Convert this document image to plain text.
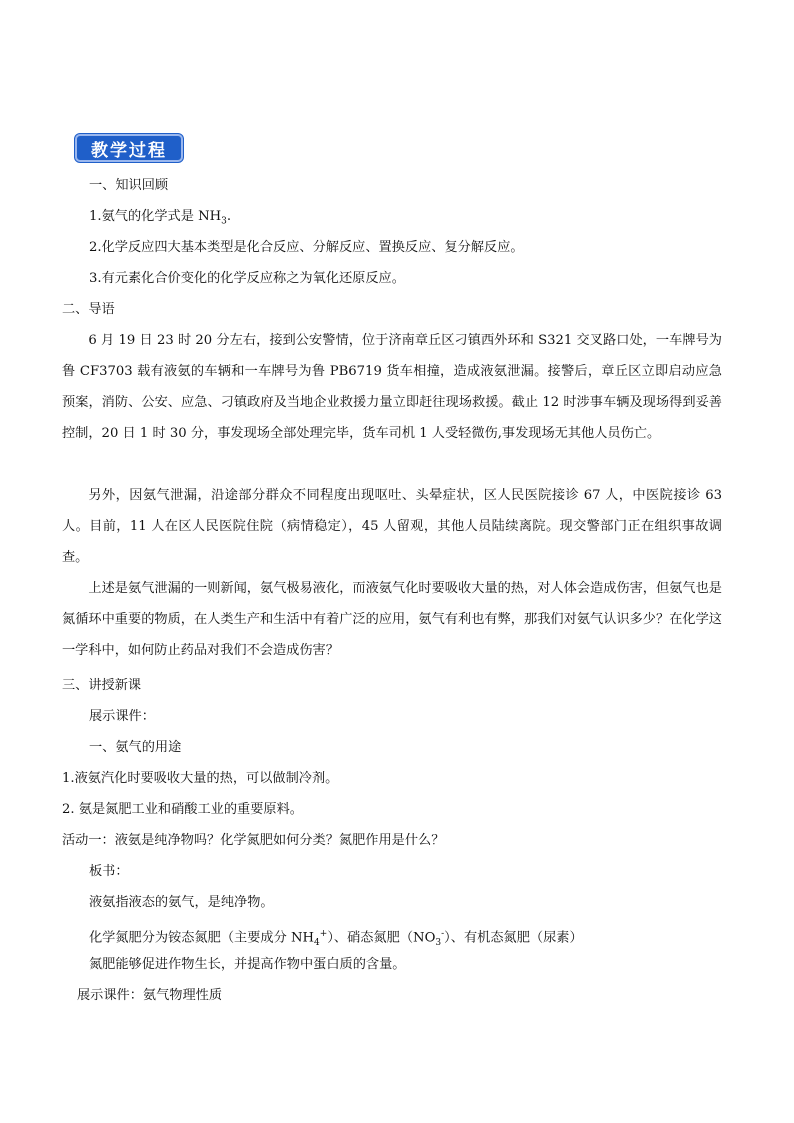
教学过程
一、知识回顾
1.氨气的化学式是 $NH_3$.
2.化学反应四大基本类型是化合反应、分解反应、置换反应、复分解反应。
3.有元素化合价变化的化学反应称之为氧化还原反应。
二、导语
6 月 19 日 23 时 20 分左右，接到公安警情，位于济南章丘区刁镇西外环和 S321 交叉路口处，一车牌号为鲁 CF3703 载有液氨的车辆和一车牌号为鲁 PB6719 货车相撞，造成液氨泄漏。接警后，章丘区立即启动应急预案，消防、公安、应急、刁镇政府及当地企业救援力量立即赶往现场救援。截止 12 时涉事车辆及现场得到妥善控制，20 日 1 时 30 分，事发现场全部处理完毕，货车司机 1 人受轻微伤,事发现场无其他人员伤亡。
另外，因氨气泄漏，沿途部分群众不同程度出现呕吐、头晕症状，区人民医院接诊 67 人，中医院接诊 63 人。目前，11 人在区人民医院住院（病情稳定），45 人留观，其他人员陆续离院。现交警部门正在组织事故调查。
上述是氨气泄漏的一则新闻，氨气极易液化，而液氨气化时要吸收大量的热，对人体会造成伤害，但氨气也是氮循环中重要的物质，在人类生产和生活中有着广泛的应用，氨气有利也有弊，那我们对氨气认识多少？在化学这一学科中，如何防止药品对我们不会造成伤害？
三、讲授新课
展示课件：
一、氨气的用途
1.液氨汽化时要吸收大量的热，可以做制冷剂。
2. 氨是氮肥工业和硝酸工业的重要原料。
活动一：液氨是纯净物吗？化学氮肥如何分类？氮肥作用是什么？
板书：
液氨指液态的氨气，是纯净物。
化学氮肥分为铵态氮肥（主要成分 $NH_4^+$）、硝态氮肥$(NO_3^-)$、有机态氮肥（尿素）
氮肥能够促进作物生长，并提高作物中蛋白质的含量。
展示课件：氨气物理性质
